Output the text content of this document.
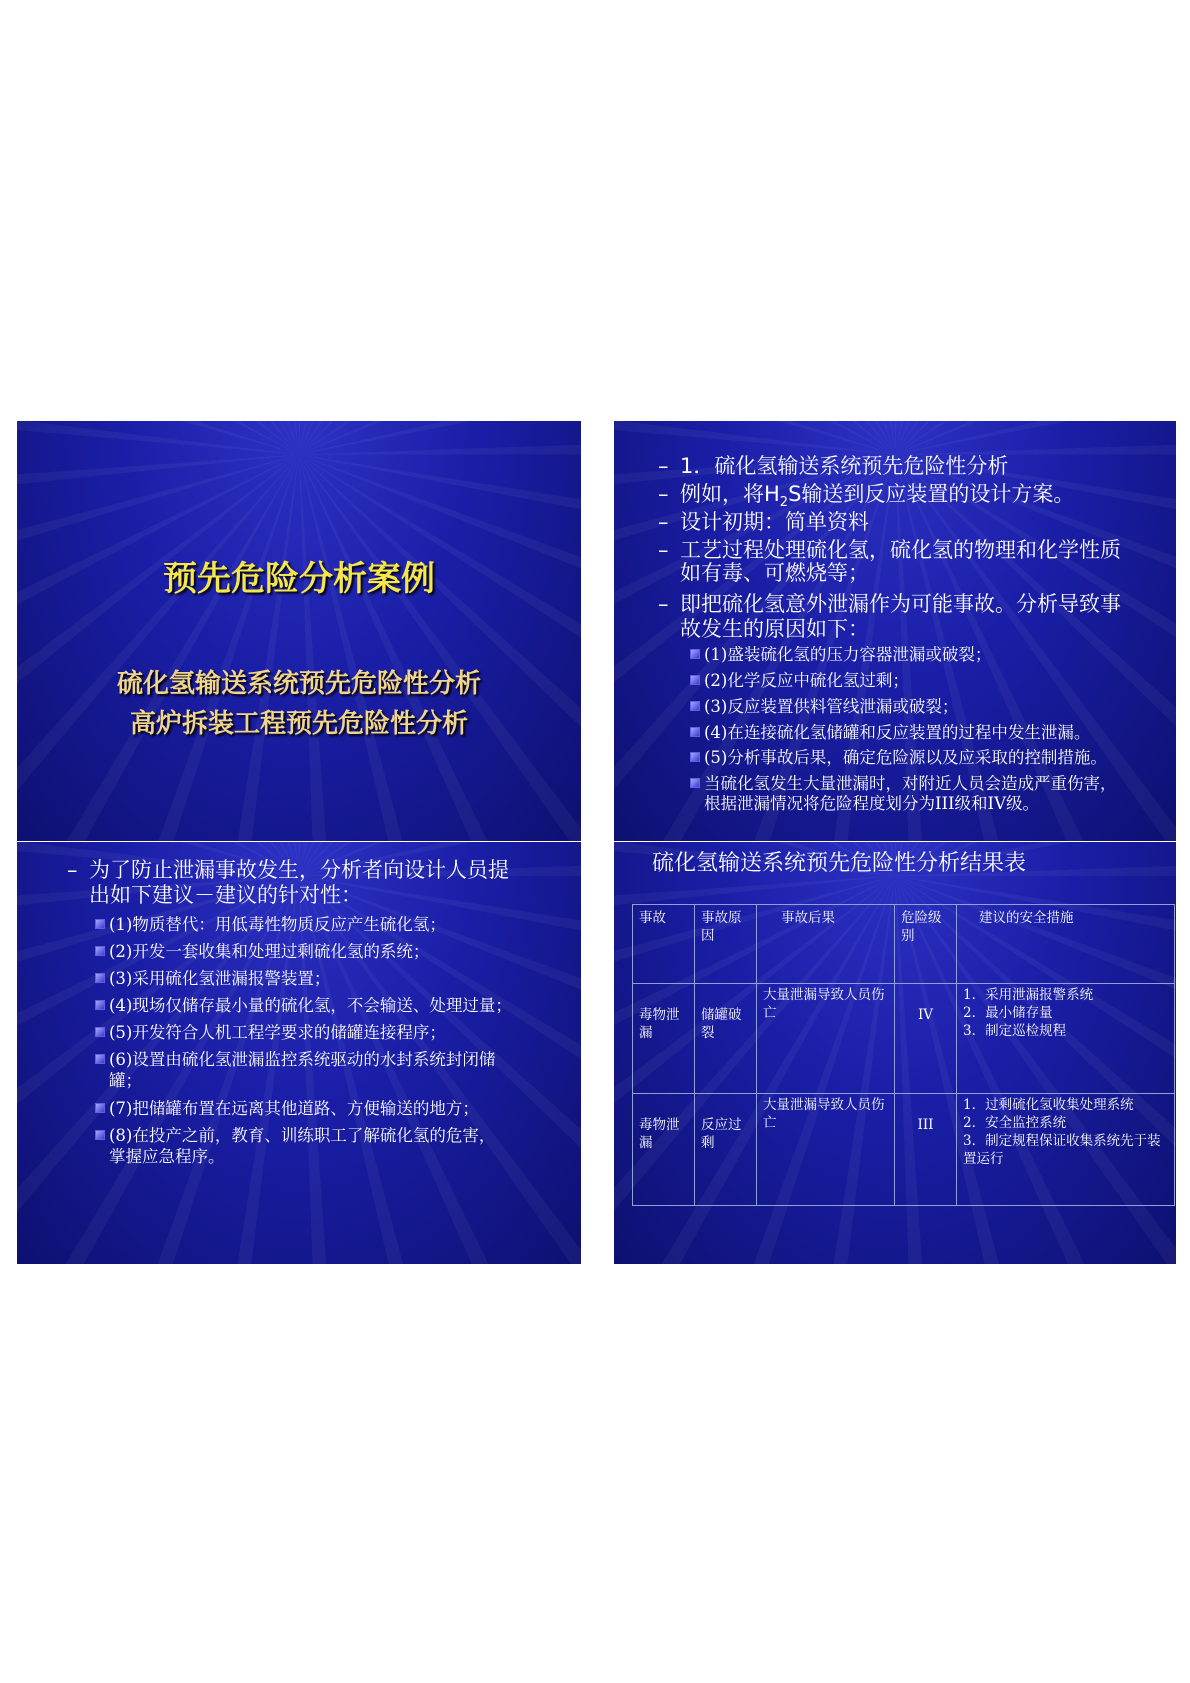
预先危险分析案例
硫化氢输送系统预先危险性分析
高炉拆装工程预先危险性分析
– 为了防止泄漏事故发生，分析者向设计人员提
出如下建议－建议的针对性：
(1)物质替代：用低毒性物质反应产生硫化氢；
(2)开发一套收集和处理过剩硫化氢的系统；
(3)采用硫化氢泄漏报警装置；
(4)现场仅储存最小量的硫化氢，不会输送、处理过量；
(5)开发符合人机工程学要求的储罐连接程序；
(6)设置由硫化氢泄漏监控系统驱动的水封系统封闭储
罐；
(7)把储罐布置在远离其他道路、方便输送的地方；
(8)在投产之前，教育、训练职工了解硫化氢的危害，
掌握应急程序。
– 1．硫化氢输送系统预先危险性分析
– 例如，将$H_2S$输送到反应装置的设计方案。
– 设计初期：简单资料
– 工艺过程处理硫化氢，硫化氢的物理和化学性质
如有毒、可燃烧等；
– 即把硫化氢意外泄漏作为可能事故。分析导致事
故发生的原因如下：
(1)盛装硫化氢的压力容器泄漏或破裂；
(2)化学反应中硫化氢过剩；
(3)反应装置供料管线泄漏或破裂；
(4)在连接硫化氢储罐和反应装置的过程中发生泄漏。
(5)分析事故后果，确定危险源以及应采取的控制措施。
当硫化氢发生大量泄漏时，对附近人员会造成严重伤害，
根据泄漏情况将危险程度划分为III级和IV级。
硫化氢输送系统预先危险性分析结果表
事故	事故原因	事故后果	危险级别	建议的安全措施
毒物泄漏	储罐破裂	大量泄漏导致人员伤亡	IV	1．采用泄漏报警系统
2．最小储存量
3．制定巡检规程

毒物泄漏	反应过剩	大量泄漏导致人员伤亡	III	1．过剩硫化氢收集处理系统
2．安全监控系统
3．制定规程保证收集系统先于装置运行
